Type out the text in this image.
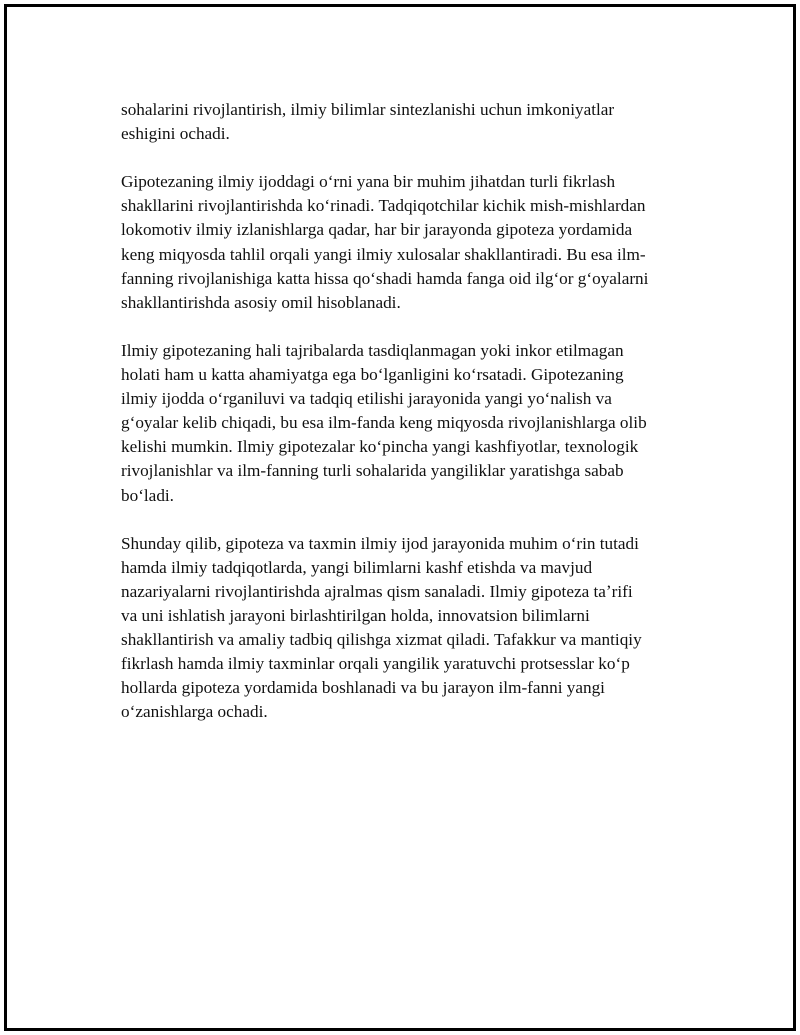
sohalarini rivojlantirish, ilmiy bilimlar sintezlanishi uchun imkoniyatlar
eshigini ochadi.

Gipotezaning ilmiy ijoddagi oʻrni yana bir muhim jihatdan turli fikrlash
shakllarini rivojlantirishda koʻrinadi. Tadqiqotchilar kichik mish-mishlardan
lokomotiv ilmiy izlanishlarga qadar, har bir jarayonda gipoteza yordamida
keng miqyosda tahlil orqali yangi ilmiy xulosalar shakllantiradi. Bu esa ilm-
fanning rivojlanishiga katta hissa qoʻshadi hamda fanga oid ilgʻor gʻoyalarni
shakllantirishda asosiy omil hisoblanadi.

Ilmiy gipotezaning hali tajribalarda tasdiqlanmagan yoki inkor etilmagan
holati ham u katta ahamiyatga ega boʻlganligini koʻrsatadi. Gipotezaning
ilmiy ijodda oʻrganiluvi va tadqiq etilishi jarayonida yangi yoʻnalish va
gʻoyalar kelib chiqadi, bu esa ilm-fanda keng miqyosda rivojlanishlarga olib
kelishi mumkin. Ilmiy gipotezalar koʻpincha yangi kashfiyotlar, texnologik
rivojlanishlar va ilm-fanning turli sohalarida yangiliklar yaratishga sabab
boʻladi.

Shunday qilib, gipoteza va taxmin ilmiy ijod jarayonida muhim oʻrin tutadi
hamda ilmiy tadqiqotlarda, yangi bilimlarni kashf etishda va mavjud
nazariyalarni rivojlantirishda ajralmas qism sanaladi. Ilmiy gipoteza taʼrifi
va uni ishlatish jarayoni birlashtirilgan holda, innovatsion bilimlarni
shakllantirish va amaliy tadbiq qilishga xizmat qiladi. Tafakkur va mantiqiy
fikrlash hamda ilmiy taxminlar orqali yangilik yaratuvchi protsesslar koʻp
hollarda gipoteza yordamida boshlanadi va bu jarayon ilm-fanni yangi
oʻzanishlarga ochadi.
